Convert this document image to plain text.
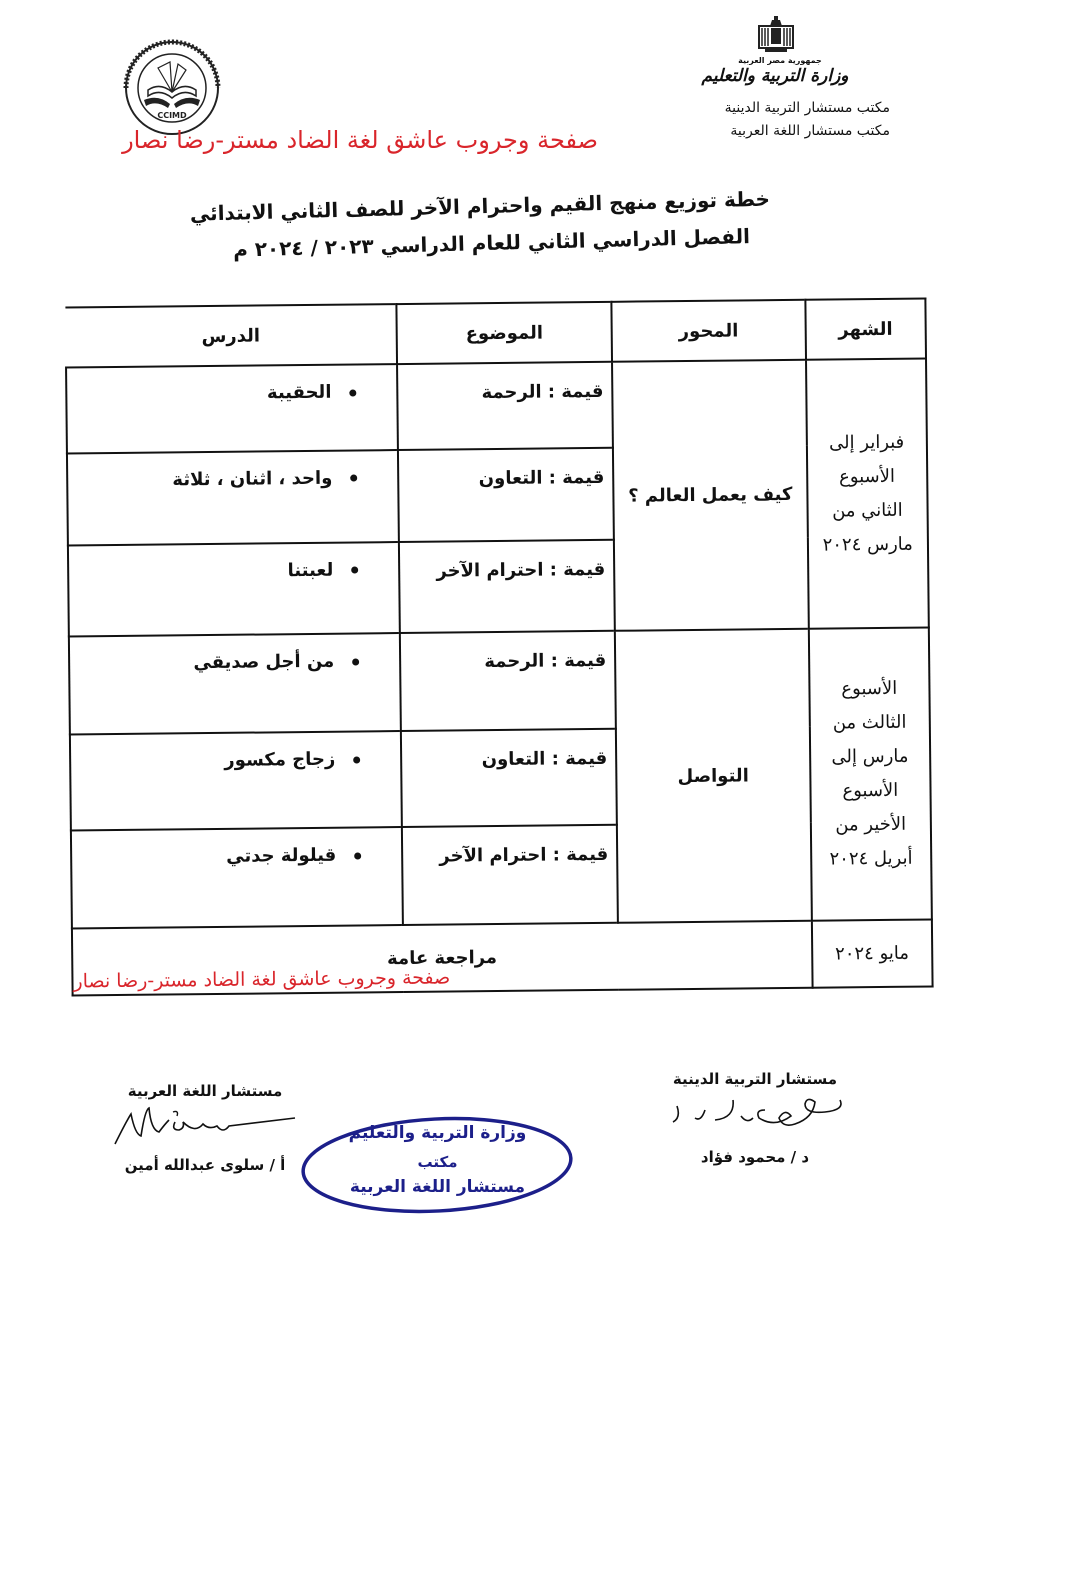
جمهورية مصر العربية
وزارة التربية والتعليم
مكتب مستشار التربية الدينية
مكتب مستشار اللغة العربية
CCIMD
صفحة وجروب عاشق لغة الضاد مستر-رضا نصار
خطة توزيع منهج القيم واحترام الآخر للصف الثاني الابتدائي
الفصل الدراسي الثاني للعام الدراسي ٢٠٢٣ / ٢٠٢٤ م
الشهر	المحور	الموضوع	الدرس
فبراير إلى الأسبوع الثاني من مارس ٢٠٢٤	كيف يعمل العالم ؟	قيمة : الرحمة	الحقيبة
		قيمة : التعاون	واحد ، اثنان ، ثلاثة
		قيمة : احترام الآخر	لعبتنا
الأسبوع الثالث من مارس إلى الأسبوع الأخير من أبريل ٢٠٢٤	التواصل	قيمة : الرحمة	من أجل صديقي
		قيمة : التعاون	زجاج مكسور
		قيمة : احترام الآخر	قيلولة جدتي
مايو ٢٠٢٤	مراجعة عامة
صفحة وجروب عاشق لغة الضاد مستر-رضا نصار		
مستشار التربية الدينية
د / محمود فؤاد
مستشار اللغة العربية
أ / سلوى عبدالله أمين
وزارة التربية والتعليم
مكتب
مستشار اللغة العربية
